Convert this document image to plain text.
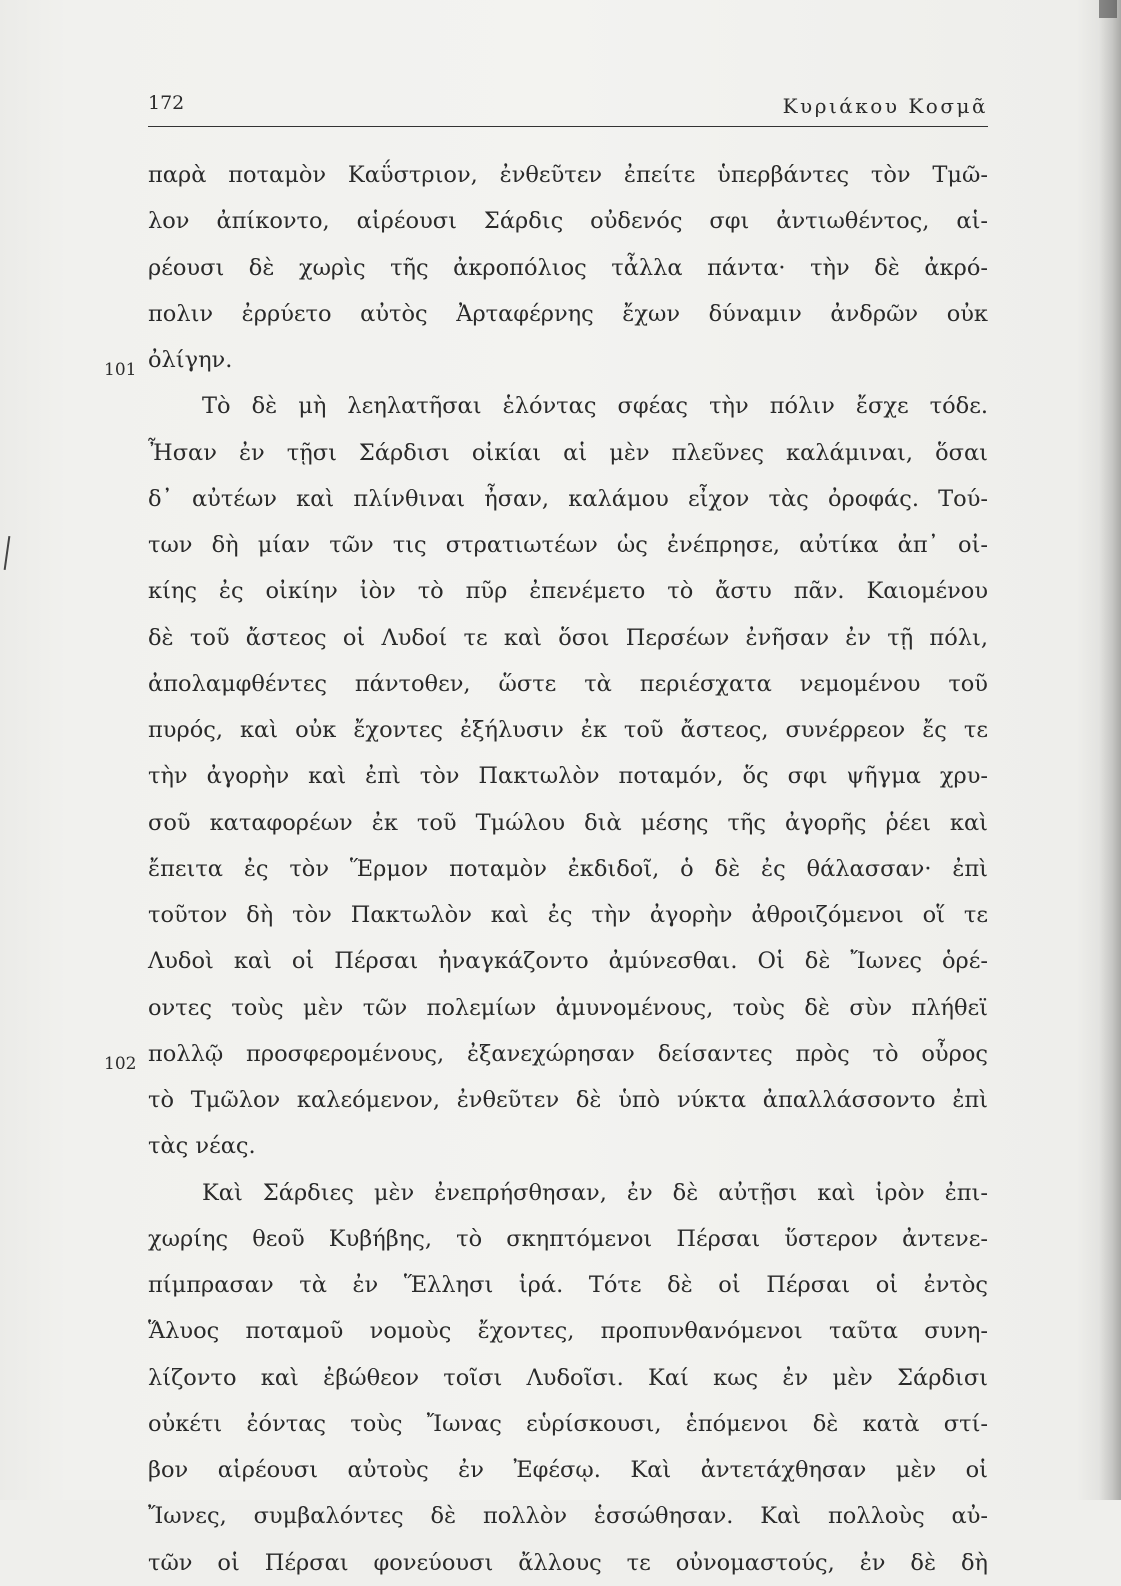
172	Κυριάκου Κοσμᾶ
101
102
παρὰ ποταμὸν Καΰστριον, ἐνθεῦτεν ἐπείτε ὑπερβάντες τὸν Τμῶ-
λον ἀπίκοντο, αἱρέουσι Σάρδις οὐδενός σφι ἀντιωθέντος, αἱ-
ρέουσι δὲ χωρὶς τῆς ἀκροπόλιος τἆλλα πάντα· τὴν δὲ ἀκρό-
πολιν ἐρρύετο αὐτὸς Ἀρταφέρνης ἔχων δύναμιν ἀνδρῶν οὐκ
ὀλίγην.
Τὸ δὲ μὴ λεηλατῆσαι ἑλόντας σφέας τὴν πόλιν ἔσχε τόδε.
Ἦσαν ἐν τῇσι Σάρδισι οἰκίαι αἱ μὲν πλεῦνες καλάμιναι, ὅσαι
δ᾽ αὐτέων καὶ πλίνθιναι ἦσαν, καλάμου εἶχον τὰς ὀροφάς. Τού-
των δὴ μίαν τῶν τις στρατιωτέων ὡς ἐνέπρησε, αὐτίκα ἀπ᾽ οἰ-
κίης ἐς οἰκίην ἰὸν τὸ πῦρ ἐπενέμετο τὸ ἄστυ πᾶν. Καιομένου
δὲ τοῦ ἄστεος οἱ Λυδοί τε καὶ ὅσοι Περσέων ἐνῆσαν ἐν τῇ πόλι,
ἀπολαμφθέντες πάντοθεν, ὥστε τὰ περιέσχατα νεμομένου τοῦ
πυρός, καὶ οὐκ ἔχοντες ἐξήλυσιν ἐκ τοῦ ἄστεος, συνέρρεον ἔς τε
τὴν ἀγορὴν καὶ ἐπὶ τὸν Πακτωλὸν ποταμόν, ὅς σφι ψῆγμα χρυ-
σοῦ καταφορέων ἐκ τοῦ Τμώλου διὰ μέσης τῆς ἀγορῆς ῥέει καὶ
ἔπειτα ἐς τὸν Ἕρμον ποταμὸν ἐκδιδοῖ, ὁ δὲ ἐς θάλασσαν· ἐπὶ
τοῦτον δὴ τὸν Πακτωλὸν καὶ ἐς τὴν ἀγορὴν ἀθροιζόμενοι οἵ τε
Λυδοὶ καὶ οἱ Πέρσαι ἠναγκάζοντο ἀμύνεσθαι. Οἱ δὲ Ἴωνες ὁρέ-
οντες τοὺς μὲν τῶν πολεμίων ἀμυνομένους, τοὺς δὲ σὺν πλήθεϊ
πολλῷ προσφερομένους, ἐξανεχώρησαν δείσαντες πρὸς τὸ οὖρος
τὸ Τμῶλον καλεόμενον, ἐνθεῦτεν δὲ ὑπὸ νύκτα ἀπαλλάσσοντο ἐπὶ
τὰς νέας.
Καὶ Σάρδιες μὲν ἐνεπρήσθησαν, ἐν δὲ αὐτῇσι καὶ ἱρὸν ἐπι-
χωρίης θεοῦ Κυβήβης, τὸ σκηπτόμενοι Πέρσαι ὕστερον ἀντενε-
πίμπρασαν τὰ ἐν Ἕλλησι ἱρά. Τότε δὲ οἱ Πέρσαι οἱ ἐντὸς
Ἅλυος ποταμοῦ νομοὺς ἔχοντες, προπυνθανόμενοι ταῦτα συνη-
λίζοντο καὶ ἐβώθεον τοῖσι Λυδοῖσι. Καί κως ἐν μὲν Σάρδισι
οὐκέτι ἐόντας τοὺς Ἴωνας εὑρίσκουσι, ἑπόμενοι δὲ κατὰ στί-
βον αἱρέουσι αὐτοὺς ἐν Ἐφέσῳ. Καὶ ἀντετάχθησαν μὲν οἱ
Ἴωνες, συμβαλόντες δὲ πολλὸν ἑσσώθησαν. Καὶ πολλοὺς αὐ-
τῶν οἱ Πέρσαι φονεύουσι ἄλλους τε οὐνομαστούς, ἐν δὲ δὴ
